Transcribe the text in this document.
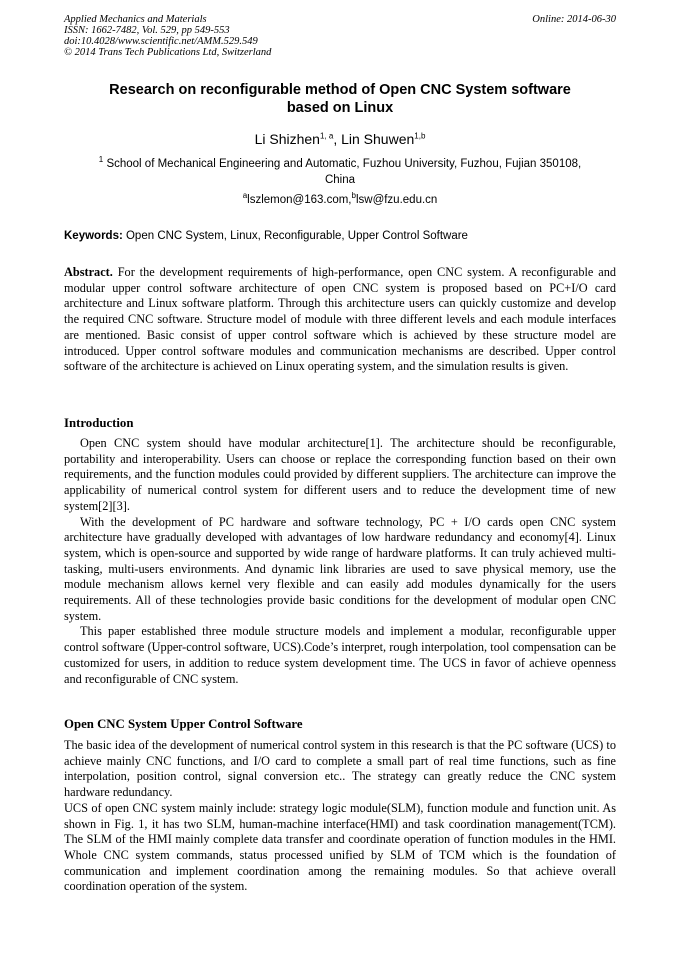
Applied Mechanics and Materials
ISSN: 1662-7482, Vol. 529, pp 549-553
doi:10.4028/www.scientific.net/AMM.529.549
© 2014 Trans Tech Publications Ltd, Switzerland
Online: 2014-06-30
Research on reconfigurable method of Open CNC System software
based on Linux
Li Shizhen$^{1, a}$, Lin Shuwen$^{1,b}$
$^1$ School of Mechanical Engineering and Automatic, Fuzhou University, Fuzhou, Fujian 350108,
China
$^a$lszlemon@163.com,$^b$lsw@fzu.edu.cn
Keywords: Open CNC System, Linux, Reconfigurable, Upper Control Software

Abstract. For the development requirements of high-performance, open CNC system. A reconfigurable and modular upper control software architecture of open CNC system is proposed based on PC+I/O card architecture and Linux software platform. Through this architecture users can quickly customize and develop the required CNC software. Structure model of module with three different levels and each module interfaces are mentioned. Basic consist of upper control software which is achieved by these structure model are introduced. Upper control software modules and communication mechanisms are described. Upper control software of the architecture is achieved on Linux operating system, and the simulation results is given.

Introduction

Open CNC system should have modular architecture[1]. The architecture should be reconfigurable, portability and interoperability. Users can choose or replace the corresponding function based on their own requirements, and the function modules could provided by different suppliers. The architecture can improve the applicability of numerical control system for different users and to reduce the development time of new system[2][3].

With the development of PC hardware and software technology, PC + I/O cards open CNC system architecture have gradually developed with advantages of low hardware redundancy and economy[4]. Linux system, which is open-source and supported by wide range of hardware platforms. It can truly achieved multi-tasking, multi-users environments. And dynamic link libraries are used to save physical memory, use the module mechanism allows kernel very flexible and can easily add modules dynamically for the users requirements. All of these technologies provide basic conditions for the development of modular open CNC system.

This paper established three module structure models and implement a modular, reconfigurable upper control software (Upper-control software, UCS).Code’s interpret, rough interpolation, tool compensation can be customized for users, in addition to reduce system development time. The UCS in favor of achieve openness and reconfigurable of CNC system.

Open CNC System Upper Control Software

The basic idea of the development of numerical control system in this research is that the PC software (UCS) to achieve mainly CNC functions, and I/O card to complete a small part of real time functions, such as fine interpolation, position control, signal conversion etc.. The strategy can greatly reduce the CNC system hardware redundancy.

UCS of open CNC system mainly include: strategy logic module(SLM), function module and function unit. As shown in Fig. 1, it has two SLM, human-machine interface(HMI) and task coordination management(TCM). The SLM of the HMI mainly complete data transfer and coordinate operation of function modules in the HMI. Whole CNC system commands, status processed unified by SLM of TCM which is the foundation of communication and implement coordination among the remaining modules. So that achieve overall coordination operation of the system.
